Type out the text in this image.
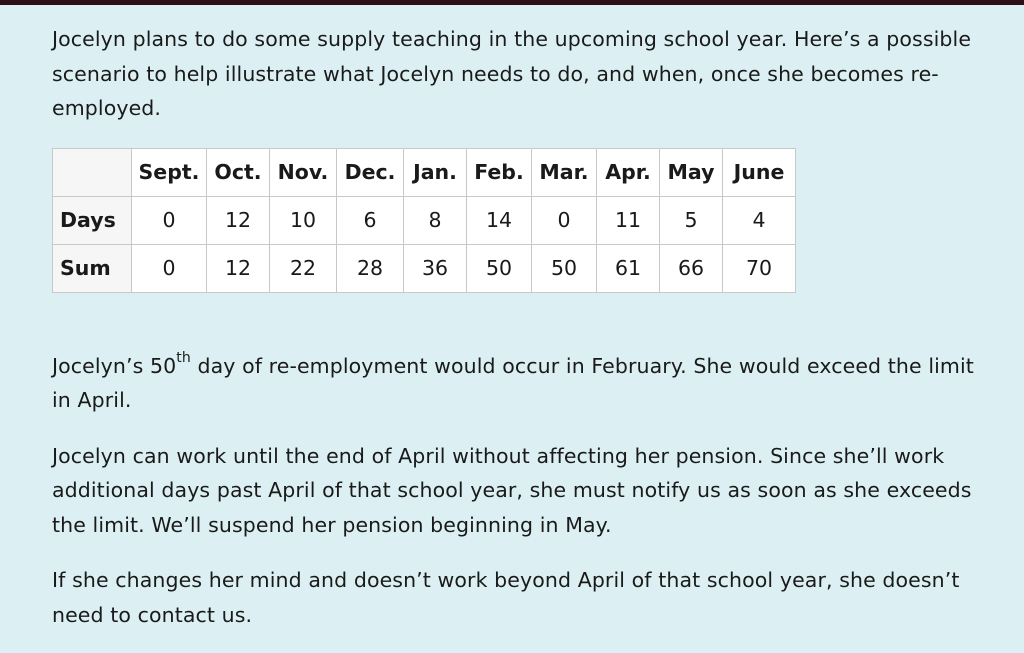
Jocelyn plans to do some supply teaching in the upcoming school year. Here’s a possible scenario to help illustrate what Jocelyn needs to do, and when, once she becomes re-employed.

	Sept.	Oct.	Nov.	Dec.	Jan.	Feb.	Mar.	Apr.	May	June
Days	0	12	10	6	8	14	0	11	5	4
Sum	0	12	22	28	36	50	50	61	66	70

Jocelyn’s 50th day of re-employment would occur in February. She would exceed the limit in April.

Jocelyn can work until the end of April without affecting her pension. Since she’ll work additional days past April of that school year, she must notify us as soon as she exceeds the limit. We’ll suspend her pension beginning in May.

If she changes her mind and doesn’t work beyond April of that school year, she doesn’t need to contact us.
